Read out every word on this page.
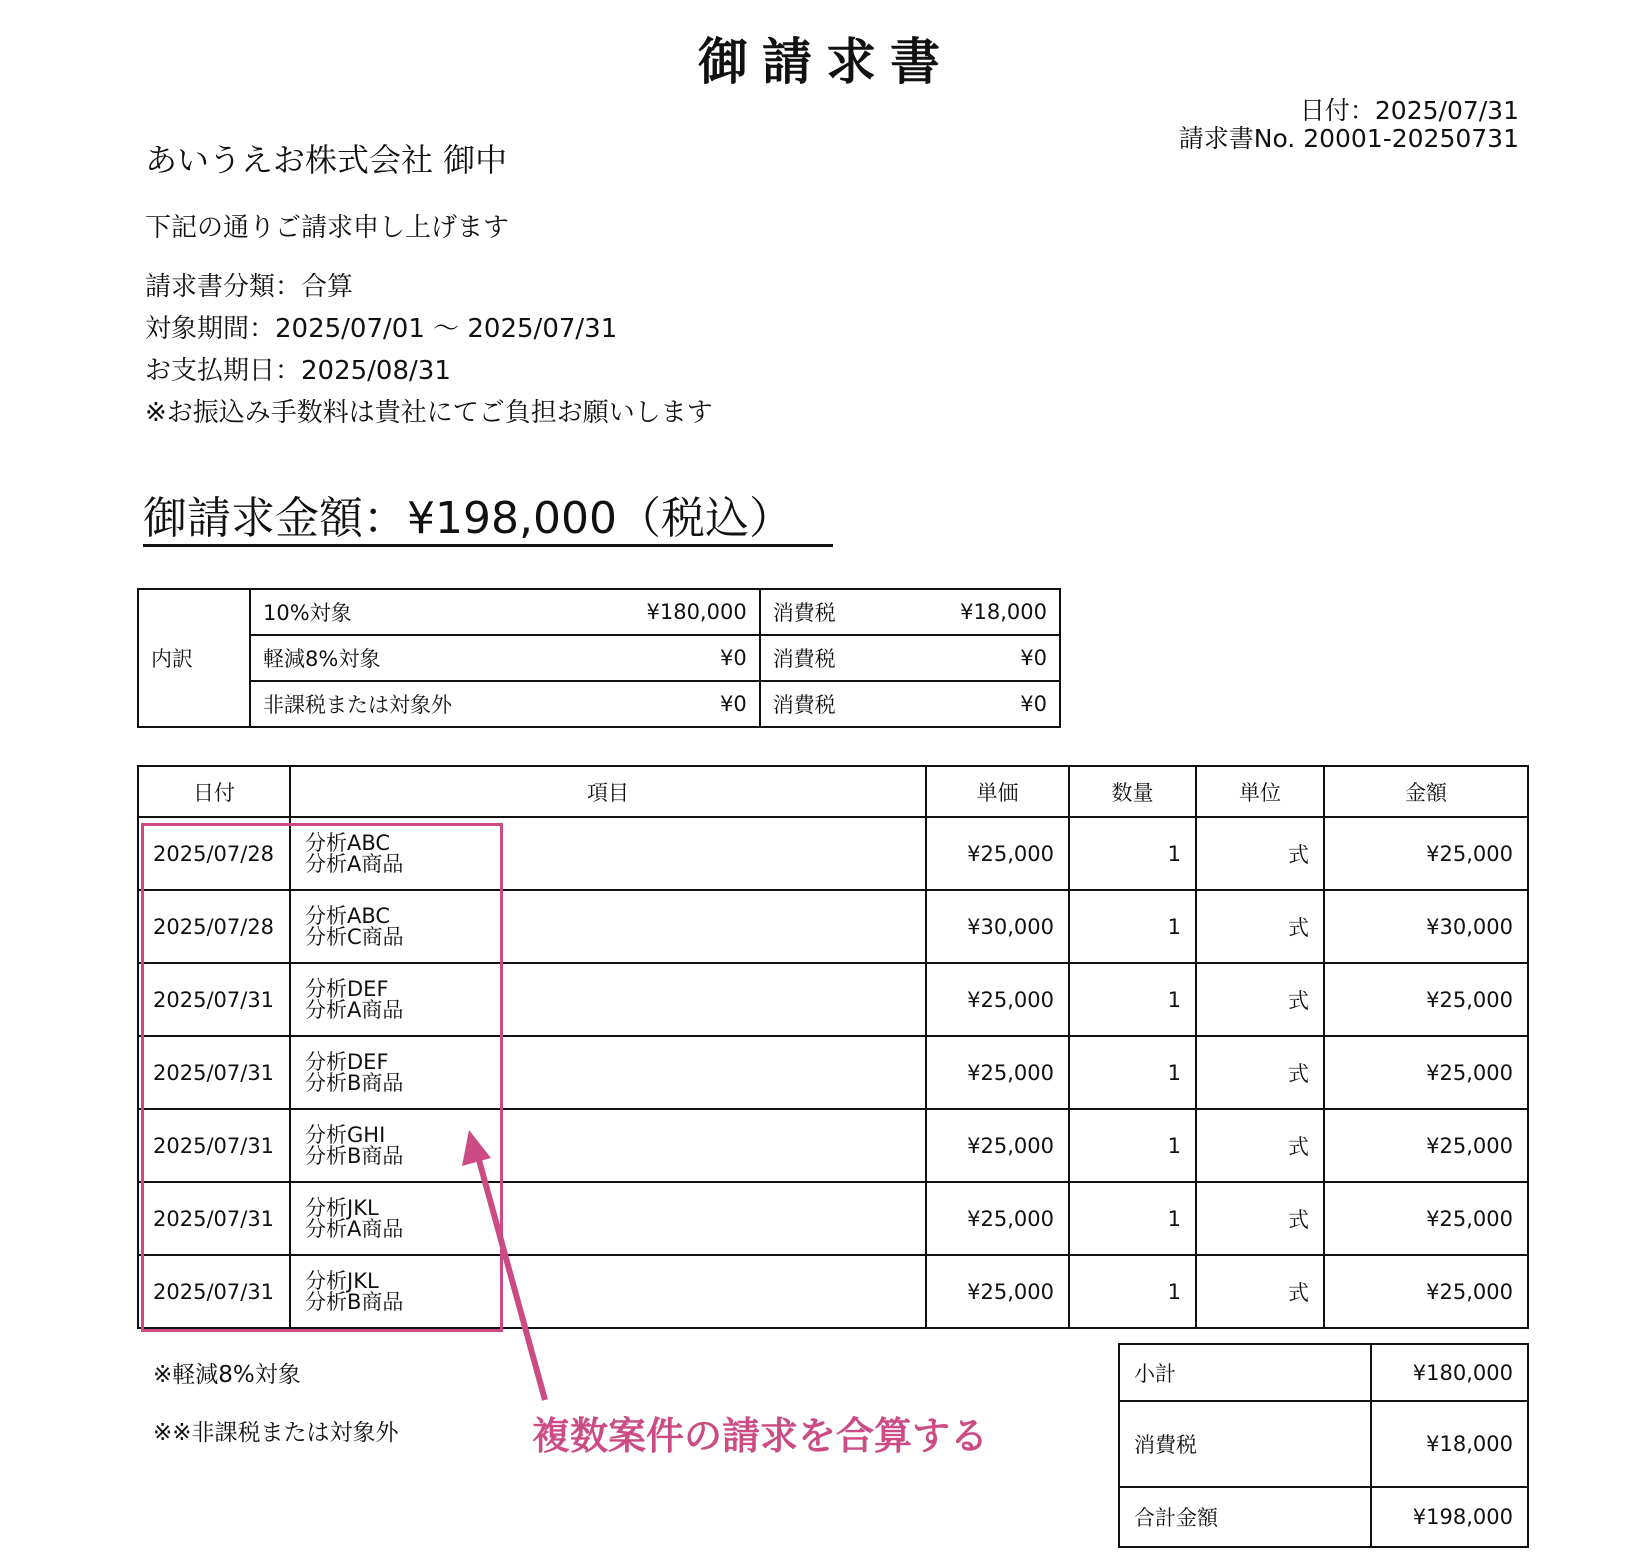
御請求書
日付：2025/07/31
請求書No. 20001-20250731
あいうえお株式会社 御中
下記の通りご請求申し上げます
請求書分類：合算
対象期間：2025/07/01 〜 2025/07/31
お支払期日：2025/08/31
※お振込み手数料は貴社にてご負担お願いします
御請求金額：¥198,000（税込）
内訳	10%対象	¥180,000	消費税	¥18,000
	軽減8%対象	¥0	消費税	¥0
	非課税または対象外	¥0	消費税	¥0
日付	項目	単価	数量	単位	金額
2025/07/28	分析ABC
分析A商品	¥25,000	1	式	¥25,000
2025/07/28	分析ABC
分析C商品	¥30,000	1	式	¥30,000
2025/07/31	分析DEF
分析A商品	¥25,000	1	式	¥25,000
2025/07/31	分析DEF
分析B商品	¥25,000	1	式	¥25,000
2025/07/31	分析GHI
分析B商品	¥25,000	1	式	¥25,000
2025/07/31	分析JKL
分析A商品	¥25,000	1	式	¥25,000
2025/07/31	分析JKL
分析B商品	¥25,000	1	式	¥25,000
※軽減8%対象
※※非課税または対象外
小計	¥180,000
消費税	¥18,000
合計金額	¥198,000
複数案件の請求を合算する
